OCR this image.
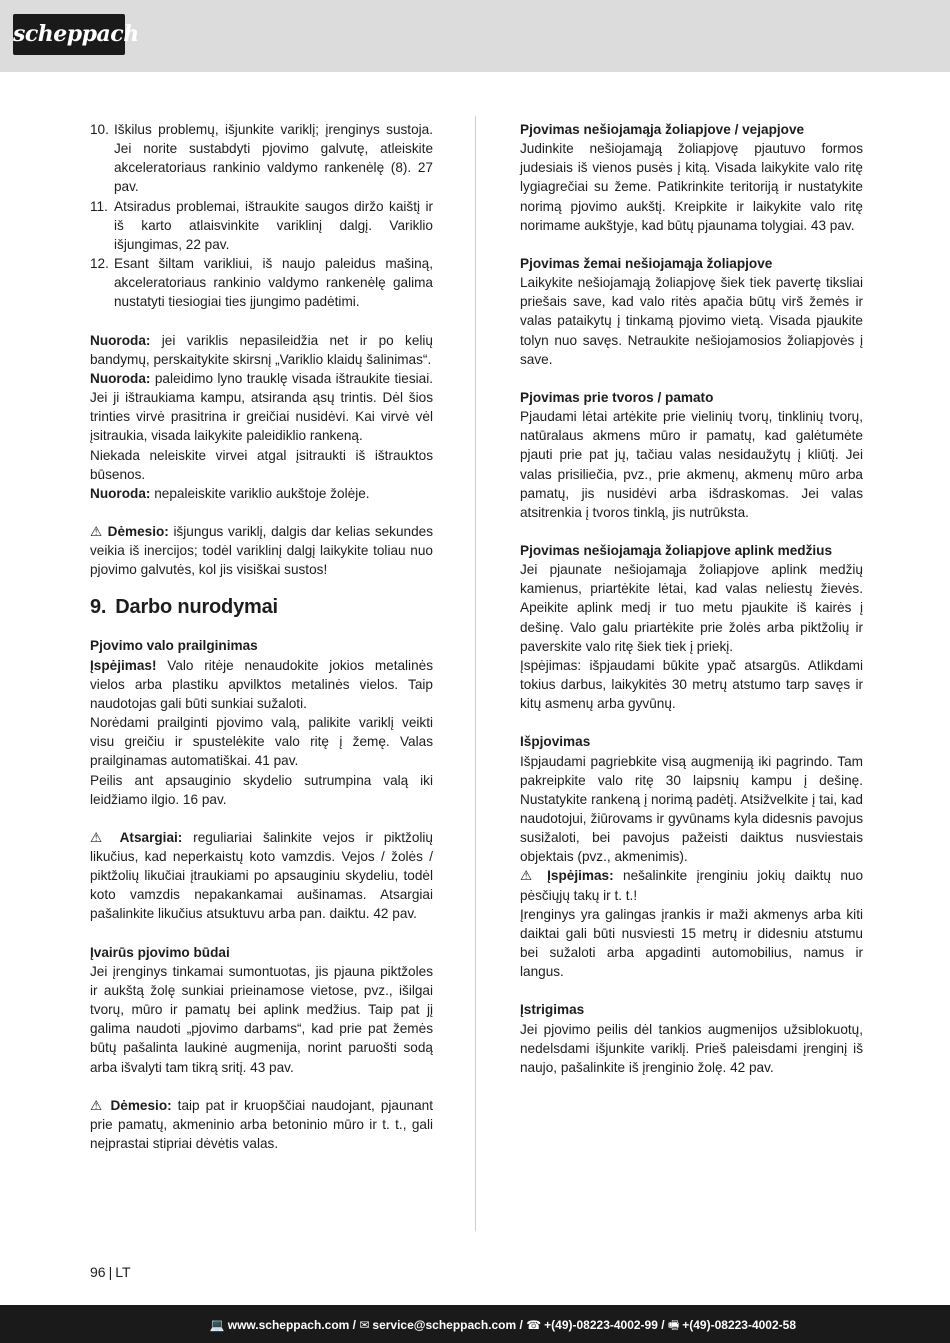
scheppach
10. Iškilus problemų, išjunkite variklį; įrenginys sustoja. Jei norite sustabdyti pjovimo galvutę, atleiskite akceleratoriaus rankinio valdymo rankenėlę (8). 27 pav.
11. Atsiradus problemai, ištraukite saugos diržo kaištį ir iš karto atlaisvinkite variklinį dalgį. Variklio išjungimas, 22 pav.
12. Esant šiltam varikliui, iš naujo paleidus mašiną, akceleratoriaus rankinio valdymo rankenėlę galima nustatyti tiesiogiai ties įjungimo padėtimi.

Nuoroda: jei variklis nepasileidžia net ir po kelių bandymų, perskaitykite skirsnį „Variklio klaidų šalinimas“.

Nuoroda: paleidimo lyno trauklę visada ištraukite tiesiai. Jei ji ištraukiama kampu, atsiranda ąsų trintis. Dėl šios trinties virvė prasitrina ir greičiai nusidėvi. Kai virvė vėl įsitraukia, visada laikykite paleidiklio rankeną.

Niekada neleiskite virvei atgal įsitraukti iš ištrauktos būsenos.

Nuoroda: nepaleiskite variklio aukštoje žolėje.

⚠ Dėmesio: išjungus variklį, dalgis dar kelias sekundes veikia iš inercijos; todėl variklinį dalgį laikykite toliau nuo pjovimo galvutės, kol jis visiškai sustos!

9. Darbo nurodymai

Pjovimo valo prailginimas

Įspėjimas! Valo ritėje nenaudokite jokios metalinės vielos arba plastiku apvilktos metalinės vielos. Taip naudotojas gali būti sunkiai sužaloti.

Norėdami prailginti pjovimo valą, palikite variklį veikti visu greičiu ir spustelėkite valo ritę į žemę. Valas prailginamas automatiškai. 41 pav.

Peilis ant apsauginio skydelio sutrumpina valą iki leidžiamo ilgio. 16 pav.

⚠ Atsargiai: reguliariai šalinkite vejos ir piktžolių likučius, kad neperkaistų koto vamzdis. Vejos / žolės / piktžolių likučiai įtraukiami po apsauginiu skydeliu, todėl koto vamzdis nepakankamai aušinamas. Atsargiai pašalinkite likučius atsuktuvu arba pan. daiktu. 42 pav.

Įvairūs pjovimo būdai

Jei įrenginys tinkamai sumontuotas, jis pjauna piktžoles ir aukštą žolę sunkiai prieinamose vietose, pvz., išilgai tvorų, mūro ir pamatų bei aplink medžius. Taip pat jį galima naudoti „pjovimo darbams“, kad prie pat žemės būtų pašalinta laukinė augmenija, norint paruošti sodą arba išvalyti tam tikrą sritį. 43 pav.

⚠ Dėmesio: taip pat ir kruopščiai naudojant, pjaunant prie pamatų, akmeninio arba betoninio mūro ir t. t., gali neįprastai stipriai dėvėtis valas.

Pjovimas nešiojamąja žoliapjove / vejapjove

Judinkite nešiojamąją žoliapjovę pjautuvo formos judesiais iš vienos pusės į kitą. Visada laikykite valo ritę lygiagrečiai su žeme. Patikrinkite teritoriją ir nustatykite norimą pjovimo aukštį. Kreipkite ir laikykite valo ritę norimame aukštyje, kad būtų pjaunama tolygiai. 43 pav.

Pjovimas žemai nešiojamąja žoliapjove

Laikykite nešiojamąją žoliapjovę šiek tiek pavertę tiksliai priešais save, kad valo ritės apačia būtų virš žemės ir valas pataikytų į tinkamą pjovimo vietą. Visada pjaukite tolyn nuo savęs. Netraukite nešiojamosios žoliapjovės į save.

Pjovimas prie tvoros / pamato

Pjaudami lėtai artėkite prie vielinių tvorų, tinklinių tvorų, natūralaus akmens mūro ir pamatų, kad galėtumėte pjauti prie pat jų, tačiau valas nesidaužytų į kliūtį. Jei valas prisiliečia, pvz., prie akmenų, akmenų mūro arba pamatų, jis nusidėvi arba išdraskomas. Jei valas atsitrenkia į tvoros tinklą, jis nutrūksta.

Pjovimas nešiojamąja žoliapjove aplink medžius

Jei pjaunate nešiojamąja žoliapjove aplink medžių kamienus, priartėkite lėtai, kad valas neliestų žievės. Apeikite aplink medį ir tuo metu pjaukite iš kairės į dešinę. Valo galu priartėkite prie žolės arba piktžolių ir paverskite valo ritę šiek tiek į priekį.

Įspėjimas: išpjaudami būkite ypač atsargūs. Atlikdami tokius darbus, laikykitės 30 metrų atstumo tarp savęs ir kitų asmenų arba gyvūnų.

Išpjovimas

Išpjaudami pagriebkite visą augmeniją iki pagrindo. Tam pakreipkite valo ritę 30 laipsnių kampu į dešinę. Nustatykite rankeną į norimą padėtį. Atsižvelkite į tai, kad naudotojui, žiūrovams ir gyvūnams kyla didesnis pavojus susižaloti, bei pavojus pažeisti daiktus nusviestais objektais (pvz., akmenimis).

⚠ Įspėjimas: nešalinkite įrenginiu jokių daiktų nuo pėsčiųjų takų ir t. t.!

Įrenginys yra galingas įrankis ir maži akmenys arba kiti daiktai gali būti nusviesti 15 metrų ir didesniu atstumu bei sužaloti arba apgadinti automobilius, namus ir langus.

Įstrigimas

Jei pjovimo peilis dėl tankios augmenijos užsiblokuotų, nedelsdami išjunkite variklį. Prieš paleisdami įrenginį iš naujo, pašalinkite iš įrenginio žolę. 42 pav.

96 | LT
💻 www.scheppach.com / ✉ service@scheppach.com / ☎ +(49)-08223-4002-99 / 🖷 +(49)-08223-4002-58
